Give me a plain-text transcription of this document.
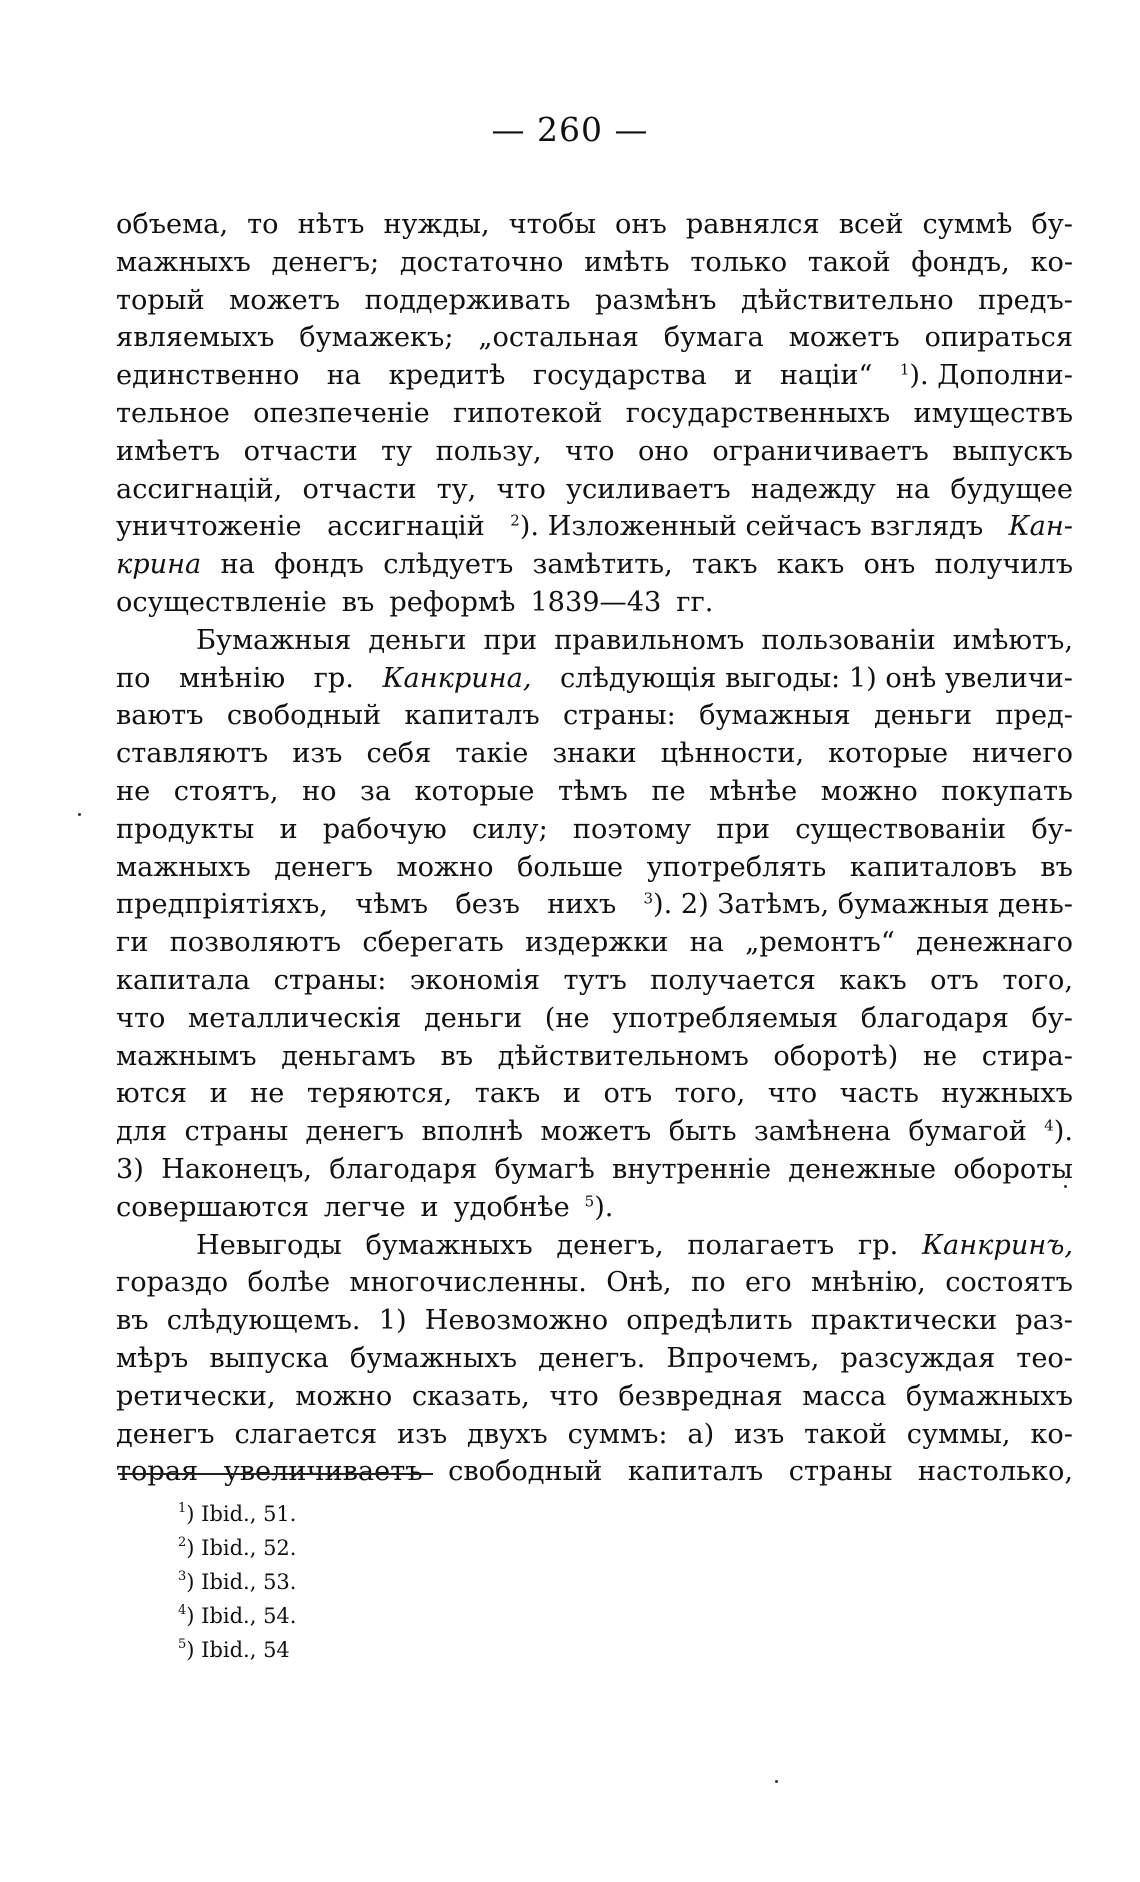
— 260 —
объема, то нѣтъ нужды, чтобы онъ равнялся всей суммѣ бу-
мажныхъ денегъ; достаточно имѣть только такой фондъ, ко-
торый можетъ поддерживать размѣнъ дѣйствительно предъ-
являемыхъ бумажекъ; „остальная бумага можетъ опираться
единственно на кредитѣ государства и націи“ $^1$). Дополни-
тельное опезпеченіе гипотекой государственныхъ имуществъ
имѣетъ отчасти ту пользу, что оно ограничиваетъ выпускъ
ассигнацій, отчасти ту, что усиливаетъ надежду на будущее
уничтоженіе ассигнацій $^2$). Изложенный сейчасъ взглядъ Кан-
крина на фондъ слѣдуетъ замѣтить, такъ какъ онъ получилъ
осуществленіе въ реформѣ 1839—43 гг.
Бумажныя деньги при правильномъ пользованіи имѣютъ,
по мнѣнію гр. Канкрина, слѣдующія выгоды: 1) онѣ увеличи-
ваютъ свободный капиталъ страны: бумажныя деньги пред-
ставляютъ изъ себя такіе знаки цѣнности, которые ничего
не стоятъ, но за которые тѣмъ пе мѣнѣе можно покупать
продукты и рабочую силу; поэтому при существованіи бу-
мажныхъ денегъ можно больше употреблять капиталовъ въ
предпріятіяхъ, чѣмъ безъ нихъ $^3$). 2) Затѣмъ, бумажныя день-
ги позволяютъ сберегать издержки на „ремонтъ“ денежнаго
капитала страны: экономія тутъ получается какъ отъ того,
что металлическія деньги (не употребляемыя благодаря бу-
мажнымъ деньгамъ въ дѣйствительномъ оборотѣ) не стира-
ются и не теряются, такъ и отъ того, что часть нужныхъ
для страны денегъ вполнѣ можетъ быть замѣнена бумагой $^4$).
3) Наконецъ, благодаря бумагѣ внутренніе денежные обороты
совершаются легче и удобнѣе $^5$).
Невыгоды бумажныхъ денегъ, полагаетъ гр. Канкринъ,
гораздо болѣе многочисленны. Онѣ, по его мнѣнію, состоятъ
въ слѣдующемъ. 1) Невозможно опредѣлить практически раз-
мѣръ выпуска бумажныхъ денегъ. Впрочемъ, разсуждая тео-
ретически, можно сказать, что безвредная масса бумажныхъ
денегъ слагается изъ двухъ суммъ: а) изъ такой суммы, ко-
торая увеличиваетъ свободный капиталъ страны настолько,
$^1$) Ibid., 51.
$^2$) Ibid., 52.
$^3$) Ibid., 53.
$^4$) Ibid., 54.
$^5$) Ibid., 54
